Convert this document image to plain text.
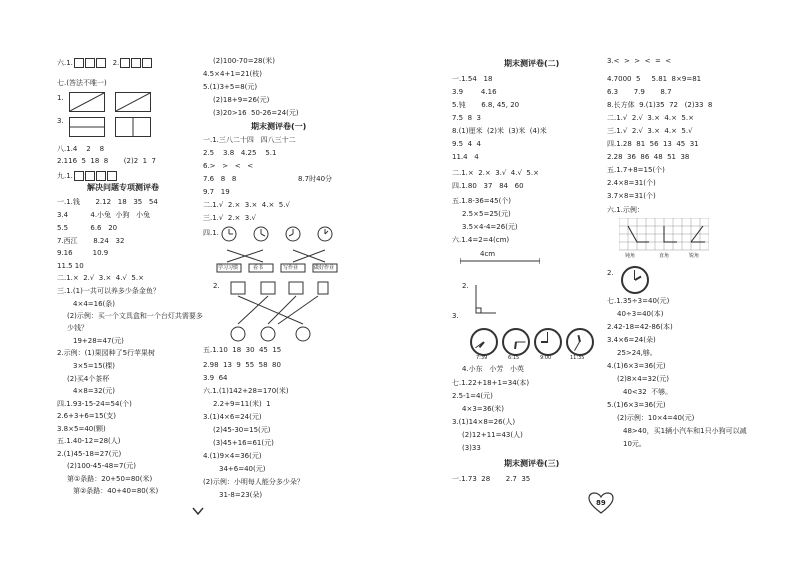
六.1.	2.
七.(答法不唯一)
1.
3.
八.1.4    2    8
2.116  5  18  8       (2)2  1  7
九.1.
解决问题专项测评卷
一.1.钱       2.12   18   35   54
3.4          4.小兔  小狗   小兔
5.5          6.6   20
7.西江       8.24   32
9.16         10.9
11.5 10
二.1.×  2.√  3.×  4.√  5.×
三.1.(1)一共可以养多少条金鱼？
4×4=16(条)
(2)示例：买一个文具盒和一个台灯共需要多
少钱？
19+28=47(元)
2.示例：(1)果园种了5行苹果树
3×5=15(棵)
(2)买4个茶杯
4×8=32(元)
四.1.93-15-24=54(个)
2.6+3+6=15(支)
3.8×5=40(颗)
五.1.40-12=28(人)
2.(1)45-18=27(元)
(2)100-45-48=7(元)
第①条路：20+50=80(米)
第②条路：40+40=80(米)
(2)100-70=28(米)
4.5×4+1=21(枝)
5.(1)3+5=8(元)
(2)18+9=26(元)
(3)20>16  50-26=24(元)
期末测评卷(一)
一.1.三八二十四   四八三十二
2.5    3.8   4.25    5.1
6.>   >   <   <
7.6   8   8	8.7时40分
9.7   19
二.1.√  2.×  3.×  4.×  5.√
三.1.√  2.×  3.√
四.1.
学习习惯	看书	写作业	做好作业
2.
五.1.10  18  30  45  15
2.98  13  9  55  58  80
3.9  64
六.1.(1)142+28=170(米)
2.2+9=11(米)  1
3.(1)4×6=24(元)
(2)45-30=15(元)
(3)45+16=61(元)
4.(1)9×4=36(元)
34+6=40(元)
(2)示例：小明每人能分多少朵？
31-8=23(朵)
期末测评卷(二)
一.1.54   18
3.9        4.16
5.钝       6.8, 45, 20
7.5  8  3
8.(1)厘米  (2)米  (3)米  (4)米
9.5  4  4
11.4   4
二.1.×  2.×  3.√  4.√  5.×
四.1.80   37   84   60
五.1.8-36=45(个)
2.5×5=25(元)
3.5×4-4=26(元)
六.1.4=2=4(cm)
4cm
2.
3.
7:39	6:15	9:00	11:35
4.小东   小芳   小英
七.1.22+18+1=34(本)
2.5-1=4(元)
4×3=36(米)
3.(1)14×8=26(人)
(2)12+11=43(人)
(3)33
期末测评卷(三)
一.1.73  28       2.7  35
3.<  >  >  <  =  <
4.7000  5     5.81  8×9=81
6.3       7.9       8.7
8.长方体  9.(1)35  72   (2)33  8
二.1.√  2.√  3.×  4.×  5.×
三.1.√  2.√  3.×  4.×  5.√
四.1.28  81  56  13  45  31
2.28  36  86  48  51  38
五.1.7+8=15(个)
2.4×8=31(个)
3.7×8=31(个)
六.1.示例：
钝角	直角	锐角
2.
七.1.35÷3=40(元)
40÷3=40(本)
2.42-18=42-86(本)
3.4×6=24(朵)
25>24,够。
4.(1)6×3=36(元)
(2)8×4=32(元)
40<32  不够。
5.(1)6×3=36(元)
(2)示例：10×4=40(元)
48>40，买1辆小汽车和1只小狗可以减
10元。
89
